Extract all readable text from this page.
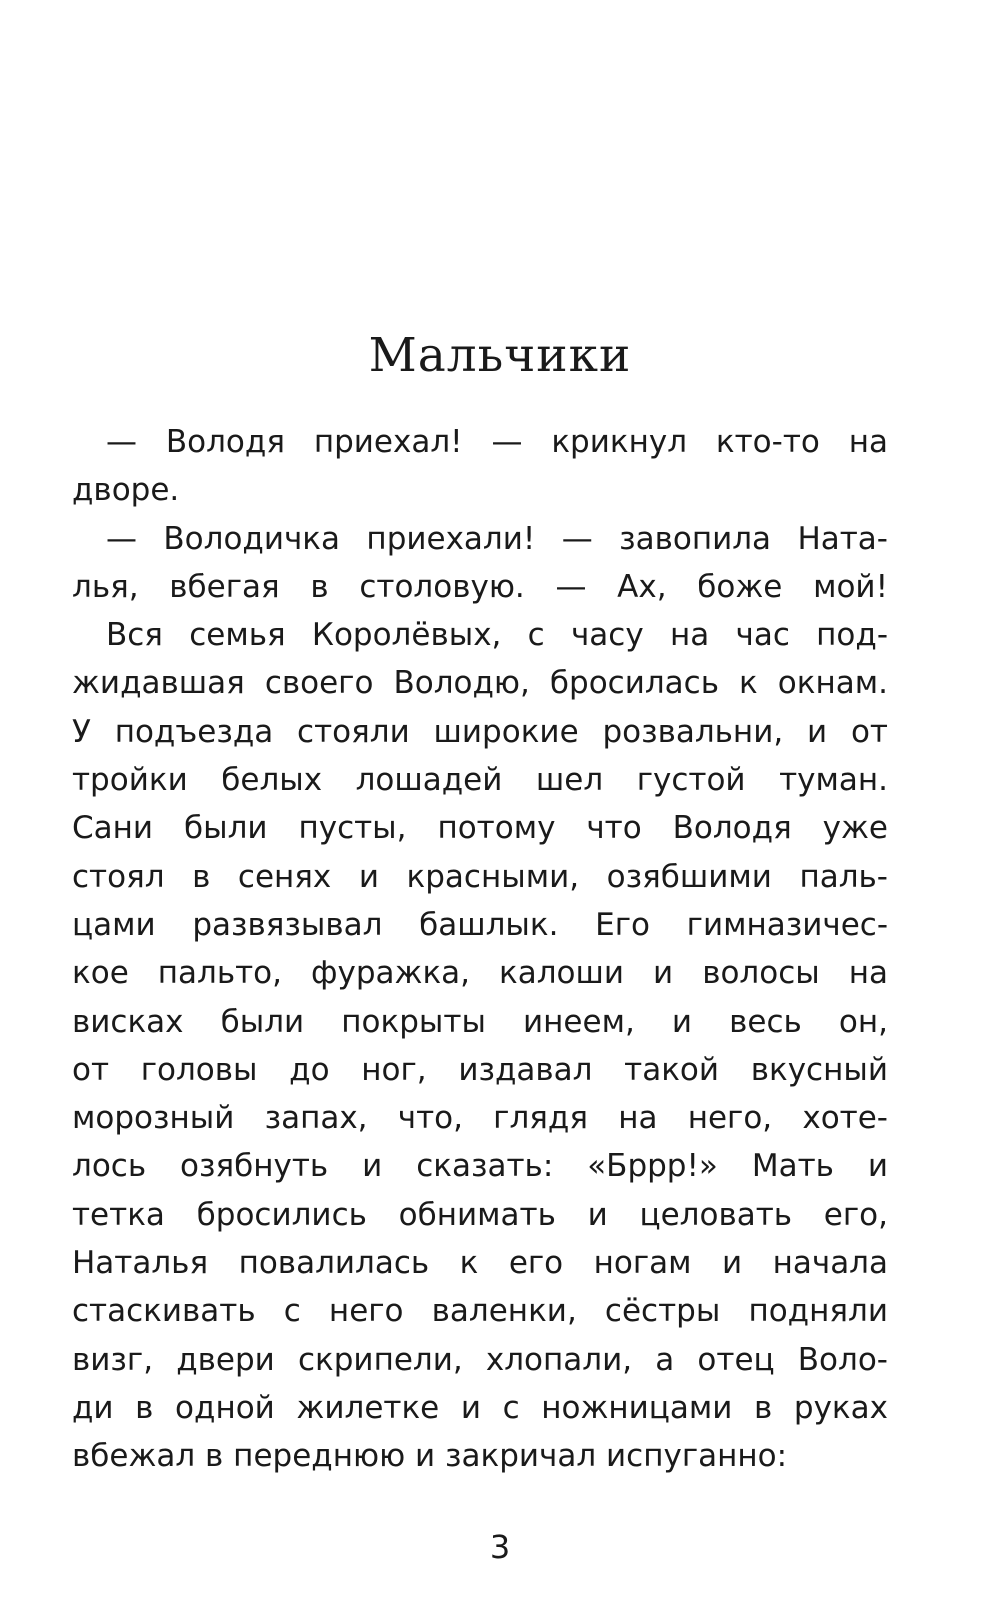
Мальчики
— Володя приехал! — крикнул кто-то на
дворе.
— Володичка приехали! — завопила Ната-
лья, вбегая в столовую. — Ах, боже мой!
Вся семья Королёвых, с часу на час под-
жидавшая своего Володю, бросилась к окнам.
У подъезда стояли широкие розвальни, и от
тройки белых лошадей шел густой туман.
Сани были пусты, потому что Володя уже
стоял в сенях и красными, озябшими паль-
цами развязывал башлык. Его гимназичес-
кое пальто, фуражка, калоши и волосы на
висках были покрыты инеем, и весь он,
от головы до ног, издавал такой вкусный
морозный запах, что, глядя на него, хоте-
лось озябнуть и сказать: «Бррр!» Мать и
тетка бросились обнимать и целовать его,
Наталья повалилась к его ногам и начала
стаскивать с него валенки, сёстры подняли
визг, двери скрипели, хлопали, а отец Воло-
ди в одной жилетке и с ножницами в руках
вбежал в переднюю и закричал испуганно:
3
